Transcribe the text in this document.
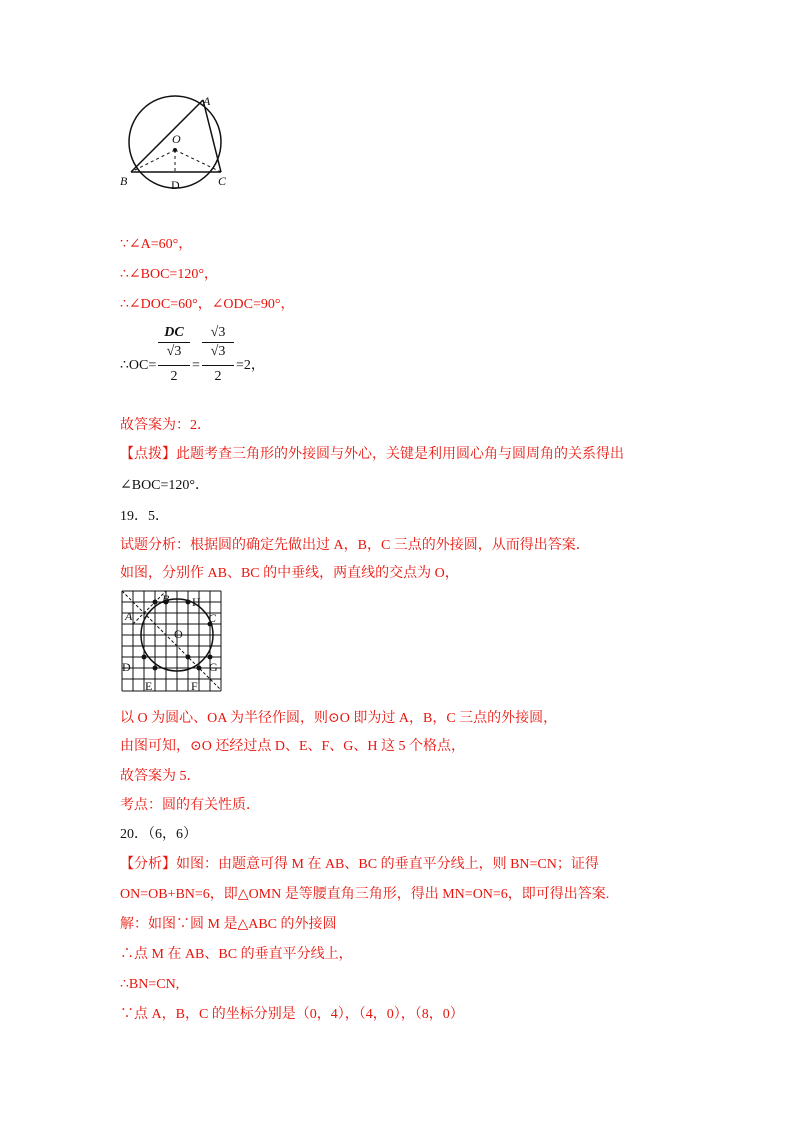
A
O
B	D	C
∵∠A=60°，
∴∠BOC=120°，
∴∠DOC=60°，∠ODC=90°，
∴OC=
DC
√3
2
=
√3
√3
2
=2，
故答案为：2．
【点拨】此题考查三角形的外接圆与外心，关键是利用圆心角与圆周角的关系得出
∠BOC=120°．
19．5．
试题分析：根据圆的确定先做出过 A，B，C 三点的外接圆，从而得出答案．
如图，分别作 AB、BC 的中垂线，两直线的交点为 O，
A
B H
C
O
D	G
E	F
以 O 为圆心、OA 为半径作圆，则⊙O 即为过 A，B，C 三点的外接圆，
由图可知，⊙O 还经过点 D、E、F、G、H 这 5 个格点，
故答案为 5．
考点：圆的有关性质．
20．（6，6）
【分析】如图：由题意可得 M 在 AB、BC 的垂直平分线上，则 BN=CN；证得
ON=OB+BN=6，即△OMN 是等腰直角三角形，得出 MN=ON=6，即可得出答案.
解：如图∵圆 M 是△ABC 的外接圆
∴点 M 在 AB、BC 的垂直平分线上，
∴BN=CN,
∵点 A，B，C 的坐标分别是（0，4），（4，0），（8，0）
